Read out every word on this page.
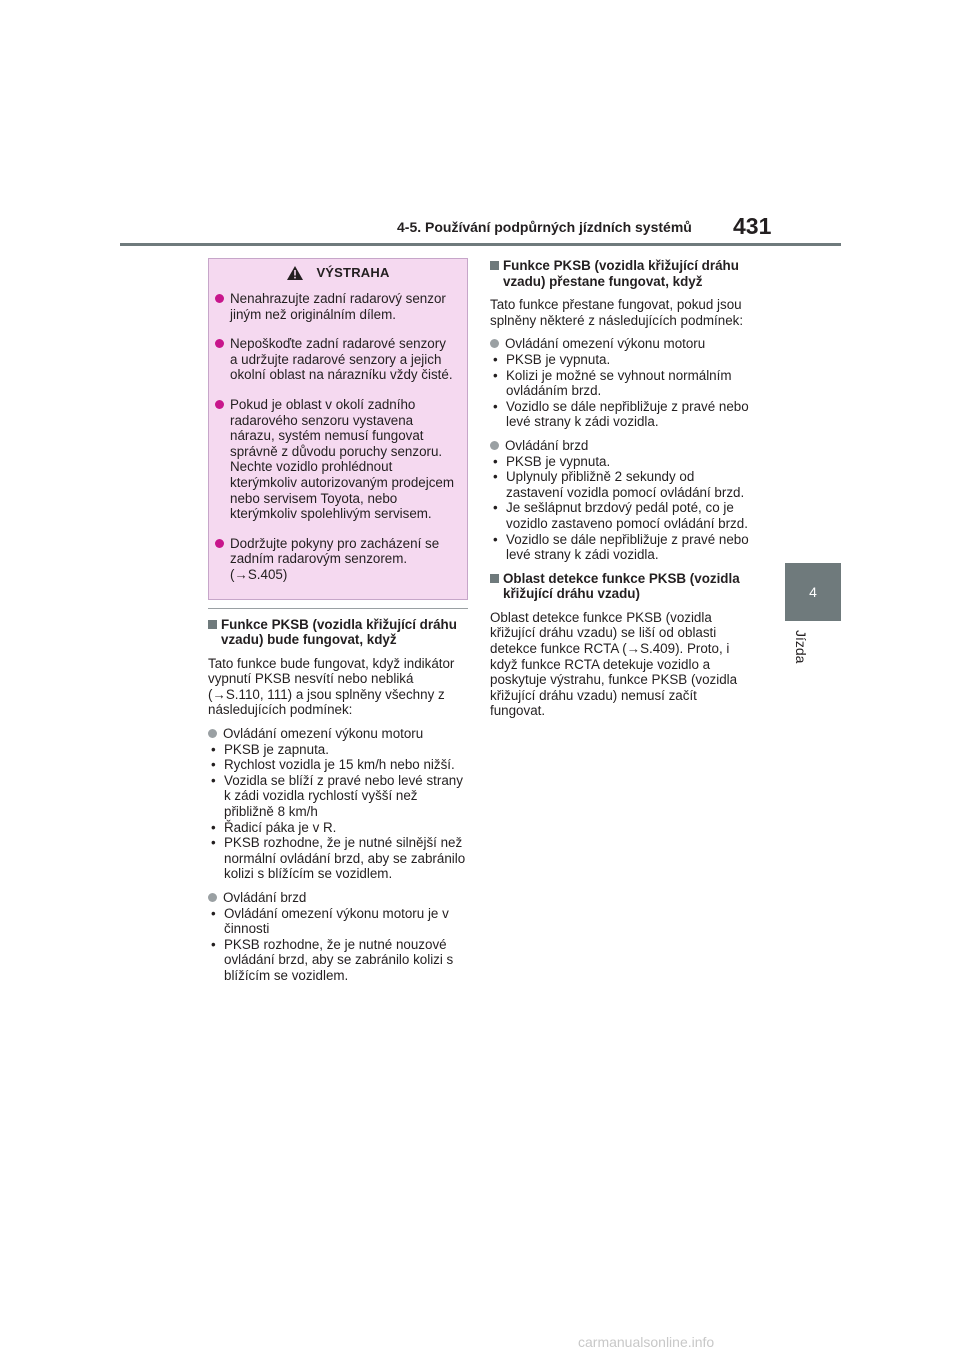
4-5. Používání podpůrných jízdních systémů 431
4
Jízda
VÝSTRAHA
Nenahrazujte zadní radarový senzor jiným než originálním dílem.
Nepoškoďte zadní radarové senzory a udržujte radarové senzory a jejich okolní oblast na nárazníku vždy čisté.
Pokud je oblast v okolí zadního radarového senzoru vystavena nárazu, systém nemusí fungovat správně z důvodu poruchy senzoru. Nechte vozidlo prohlédnout kterýmkoliv autorizovaným prodejcem nebo servisem Toyota, nebo kterýmkoliv spolehlivým servisem.
Dodržujte pokyny pro zacházení se zadním radarovým senzorem. (→S.405)
Funkce PKSB (vozidla křižující dráhu vzadu) bude fungovat, když
Tato funkce bude fungovat, když indikátor vypnutí PKSB nesvítí nebo nebliká (→S.110, 111) a jsou splněny všechny z následujících podmínek:
Ovládání omezení výkonu motoru
• PKSB je zapnuta.
• Rychlost vozidla je 15 km/h nebo nižší.
• Vozidla se blíží z pravé nebo levé strany k zádi vozidla rychlostí vyšší než přibližně 8 km/h
• Řadicí páka je v R.
• PKSB rozhodne, že je nutné silnější než normální ovládání brzd, aby se zabránilo kolizi s blížícím se vozidlem.
Ovládání brzd
• Ovládání omezení výkonu motoru je v činnosti
• PKSB rozhodne, že je nutné nouzové ovládání brzd, aby se zabránilo kolizi s blížícím se vozidlem.
Funkce PKSB (vozidla křižující dráhu vzadu) přestane fungovat, když
Tato funkce přestane fungovat, pokud jsou splněny některé z následujících podmínek:
Ovládání omezení výkonu motoru
• PKSB je vypnuta.
• Kolizi je možné se vyhnout normálním ovládáním brzd.
• Vozidlo se dále nepřibližuje z pravé nebo levé strany k zádi vozidla.
Ovládání brzd
• PKSB je vypnuta.
• Uplynuly přibližně 2 sekundy od zastavení vozidla pomocí ovládání brzd.
• Je sešlápnut brzdový pedál poté, co je vozidlo zastaveno pomocí ovládání brzd.
• Vozidlo se dále nepřibližuje z pravé nebo levé strany k zádi vozidla.
Oblast detekce funkce PKSB (vozidla křižující dráhu vzadu)
Oblast detekce funkce PKSB (vozidla křižující dráhu vzadu) se liší od oblasti detekce funkce RCTA (→S.409). Proto, i když funkce RCTA detekuje vozidlo a poskytuje výstrahu, funkce PKSB (vozidla křižující dráhu vzadu) nemusí začít fungovat.
carmanualsonline.info
